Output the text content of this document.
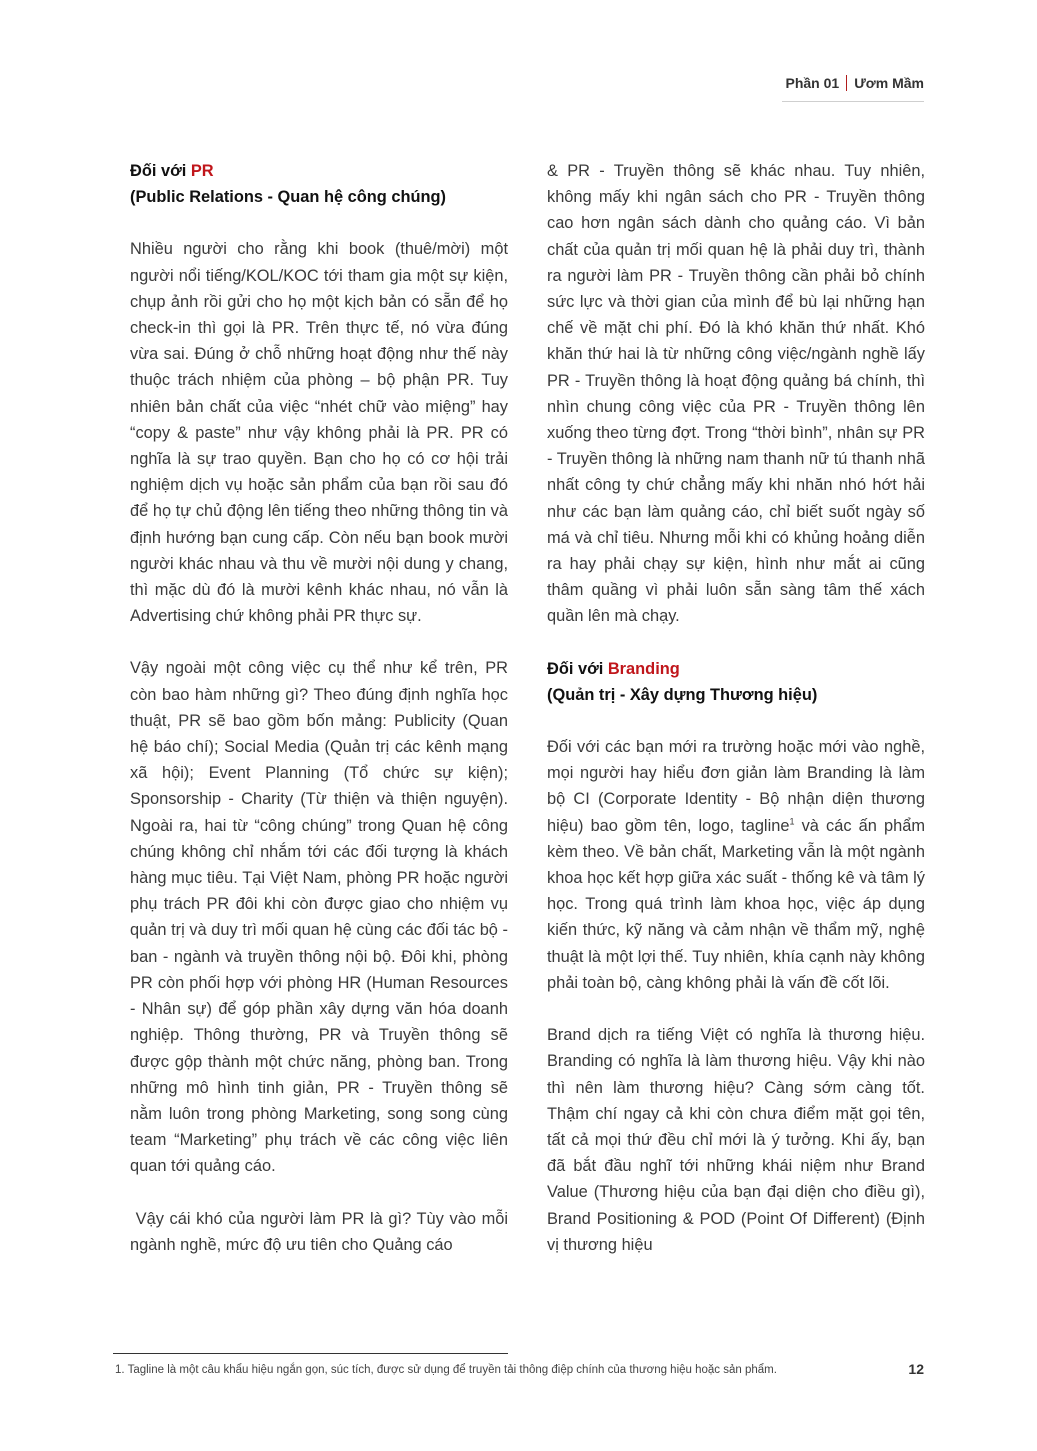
Phần 01 Ươm Mầm

Đối với PR

(Public Relations - Quan hệ công chúng)

Nhiều người cho rằng khi book (thuê/mời) một người nổi tiếng/KOL/KOC tới tham gia một sự kiện, chụp ảnh rồi gửi cho họ một kịch bản có sẵn để họ check-in thì gọi là PR. Trên thực tế, nó vừa đúng vừa sai. Đúng ở chỗ những hoạt động như thế này thuộc trách nhiệm của phòng – bộ phận PR. Tuy nhiên bản chất của việc “nhét chữ vào miệng” hay “copy & paste” như vậy không phải là PR. PR có nghĩa là sự trao quyền. Bạn cho họ có cơ hội trải nghiệm dịch vụ hoặc sản phẩm của bạn rồi sau đó để họ tự chủ động lên tiếng theo những thông tin và định hướng bạn cung cấp. Còn nếu bạn book mười người khác nhau và thu về mười nội dung y chang, thì mặc dù đó là mười kênh khác nhau, nó vẫn là Advertising chứ không phải PR thực sự.

Vậy ngoài một công việc cụ thể như kể trên, PR còn bao hàm những gì? Theo đúng định nghĩa học thuật, PR sẽ bao gồm bốn mảng: Publicity (Quan hệ báo chí); Social Media (Quản trị các kênh mạng xã hội); Event Planning (Tổ chức sự kiện); Sponsorship - Charity (Từ thiện và thiện nguyện). Ngoài ra, hai từ “công chúng” trong Quan hệ công chúng không chỉ nhắm tới các đối tượng là khách hàng mục tiêu. Tại Việt Nam, phòng PR hoặc người phụ trách PR đôi khi còn được giao cho nhiệm vụ quản trị và duy trì mối quan hệ cùng các đối tác bộ - ban - ngành và truyền thông nội bộ. Đôi khi, phòng PR còn phối hợp với phòng HR (Human Resources - Nhân sự) để góp phần xây dựng văn hóa doanh nghiệp. Thông thường, PR và Truyền thông sẽ được gộp thành một chức năng, phòng ban. Trong những mô hình tinh giản, PR - Truyền thông sẽ nằm luôn trong phòng Marketing, song song cùng team “Marketing” phụ trách về các công việc liên quan tới quảng cáo.

Vậy cái khó của người làm PR là gì? Tùy vào mỗi ngành nghề, mức độ ưu tiên cho Quảng cáo

& PR - Truyền thông sẽ khác nhau. Tuy nhiên, không mấy khi ngân sách cho PR - Truyền thông cao hơn ngân sách dành cho quảng cáo. Vì bản chất của quản trị mối quan hệ là phải duy trì, thành ra người làm PR - Truyền thông cần phải bỏ chính sức lực và thời gian của mình để bù lại những hạn chế về mặt chi phí. Đó là khó khăn thứ nhất. Khó khăn thứ hai là từ những công việc/ngành nghề lấy PR - Truyền thông là hoạt động quảng bá chính, thì nhìn chung công việc của PR - Truyền thông lên xuống theo từng đợt. Trong “thời bình”, nhân sự PR - Truyền thông là những nam thanh nữ tú thanh nhã nhất công ty chứ chẳng mấy khi nhăn nhó hớt hải như các bạn làm quảng cáo, chỉ biết suốt ngày số má và chỉ tiêu. Nhưng mỗi khi có khủng hoảng diễn ra hay phải chạy sự kiện, hình như mắt ai cũng thâm quầng vì phải luôn sẵn sàng tâm thế xách quần lên mà chạy.

Đối với Branding

(Quản trị - Xây dựng Thương hiệu)

Đối với các bạn mới ra trường hoặc mới vào nghề, mọi người hay hiểu đơn giản làm Branding là làm bộ CI (Corporate Identity - Bộ nhận diện thương hiệu) bao gồm tên, logo, tagline$^1$ và các ấn phẩm kèm theo. Về bản chất, Marketing vẫn là một ngành khoa học kết hợp giữa xác suất - thống kê và tâm lý học. Trong quá trình làm khoa học, việc áp dụng kiến thức, kỹ năng và cảm nhận về thẩm mỹ, nghệ thuật là một lợi thế. Tuy nhiên, khía cạnh này không phải toàn bộ, càng không phải là vấn đề cốt lõi.

Brand dịch ra tiếng Việt có nghĩa là thương hiệu. Branding có nghĩa là làm thương hiệu. Vậy khi nào thì nên làm thương hiệu? Càng sớm càng tốt. Thậm chí ngay cả khi còn chưa điểm mặt gọi tên, tất cả mọi thứ đều chỉ mới là ý tưởng. Khi ấy, bạn đã bắt đầu nghĩ tới những khái niệm như Brand Value (Thương hiệu của bạn đại diện cho điều gì), Brand Positioning & POD (Point Of Different) (Định vị thương hiệu

1. Tagline là một câu khẩu hiệu ngắn gọn, súc tích, được sử dụng để truyền tải thông điệp chính của thương hiệu hoặc sản phẩm.	12
